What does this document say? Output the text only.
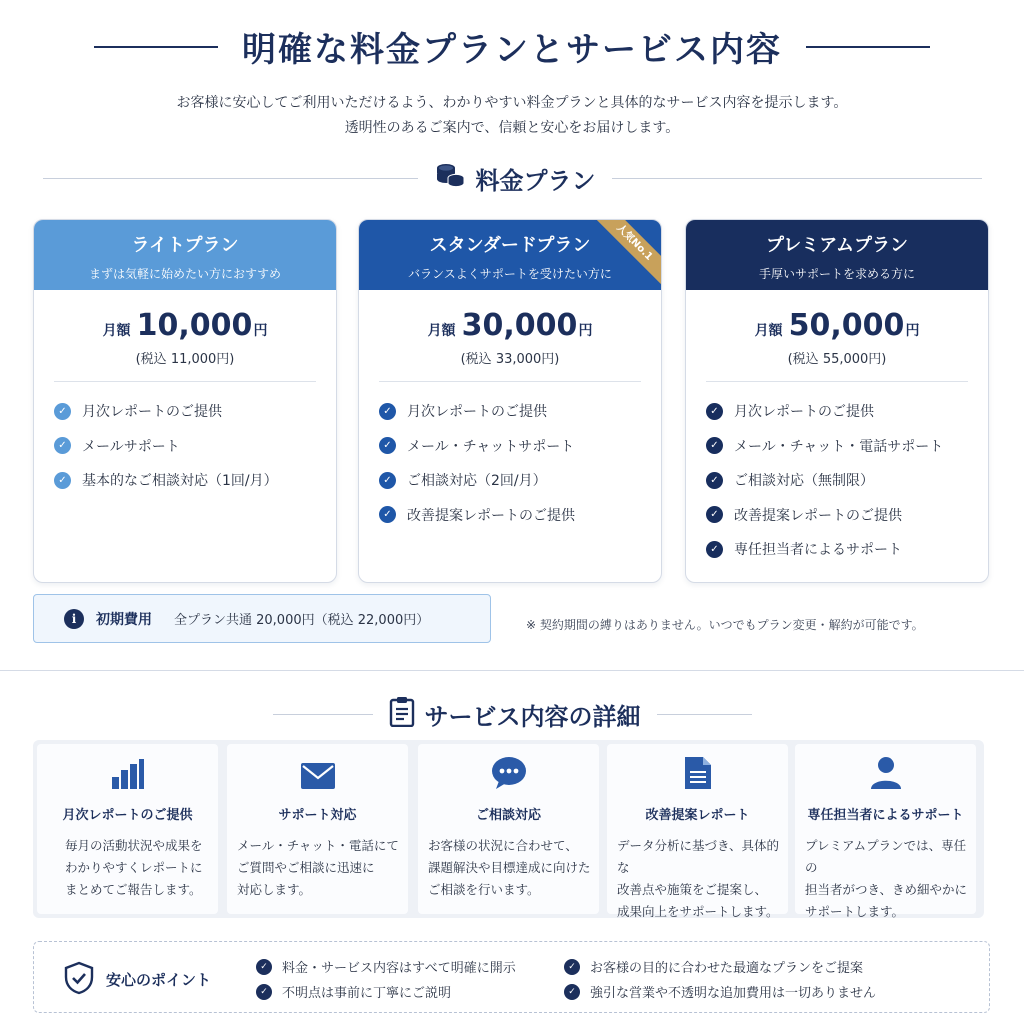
明確な料金プランとサービス内容

お客様に安心してご利用いただけるよう、わかりやすい料金プランと具体的なサービス内容を提示します。
透明性のあるご案内で、信頼と安心をお届けします。

料金プラン
ライトプラン
まずは気軽に始めたい方におすすめ
月額 10,000円
(税込 11,000円)
✓	月次レポートのご提供
✓	メールサポート
✓	基本的なご相談対応（1回/月）
スタンダードプラン
バランスよくサポートを受けたい方に
人気No.1
月額 30,000円
(税込 33,000円)
✓	月次レポートのご提供
✓	メール・チャットサポート
✓	ご相談対応（2回/月）
✓	改善提案レポートのご提供
プレミアムプラン
手厚いサポートを求める方に
月額 50,000円
(税込 55,000円)
✓	月次レポートのご提供
✓	メール・チャット・電話サポート
✓	ご相談対応（無制限）
✓	改善提案レポートのご提供
✓	専任担当者によるサポート
i	初期費用 全プラン共通 20,000円（税込 22,000円）	※ 契約期間の縛りはありません。いつでもプラン変更・解約が可能です。
サービス内容の詳細
月次レポートのご提供
毎月の活動状況や成果を
わかりやすくレポートに
まとめてご報告します。
サポート対応
メール・チャット・電話にて
ご質問やご相談に迅速に
対応します。
ご相談対応
お客様の状況に合わせて、
課題解決や目標達成に向けた
ご相談を行います。
改善提案レポート
データ分析に基づき、具体的な
改善点や施策をご提案し、
成果向上をサポートします。
専任担当者によるサポート
プレミアムプランでは、専任の
担当者がつき、きめ細やかに
サポートします。
安心のポイント
✓	料金・サービス内容はすべて明確に開示
✓	不明点は事前に丁寧にご説明
✓	お客様の目的に合わせた最適なプランをご提案
✓	強引な営業や不透明な追加費用は一切ありません
